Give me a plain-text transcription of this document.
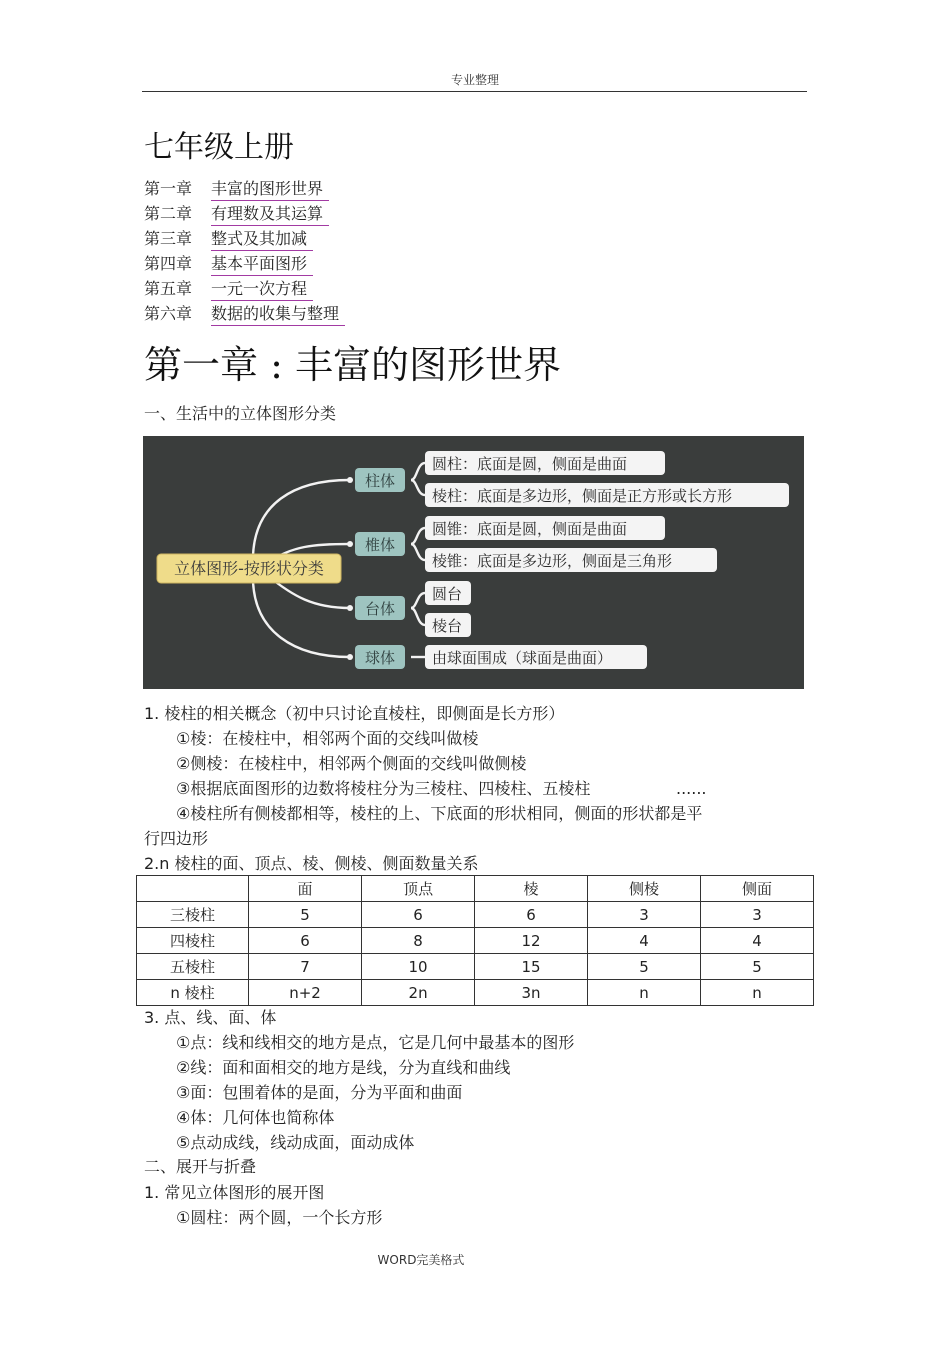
专业整理
七年级上册
第一章 丰富的图形世界
第二章 有理数及其运算
第三章 整式及其加减
第四章 基本平面图形
第五章 一元一次方程
第六章 数据的收集与整理
第一章 : 丰富的图形世界
一、生活中的立体图形分类
立体图形-按形状分类
柱体
椎体
台体
球体
圆柱：底面是圆，侧面是曲面
棱柱：底面是多边形，侧面是正方形或长方形
圆锥：底面是圆，侧面是曲面
棱锥：底面是多边形，侧面是三角形
圆台
棱台
由球面围成（球面是曲面）
1. 棱柱的相关概念（初中只讨论直棱柱，即侧面是长方形）
①棱：在棱柱中，相邻两个面的交线叫做棱
②侧棱：在棱柱中，相邻两个侧面的交线叫做侧棱
③根据底面图形的边数将棱柱分为三棱柱、四棱柱、五棱柱	......
④棱柱所有侧棱都相等，棱柱的上、下底面的形状相同，侧面的形状都是平
行四边形
2.n 棱柱的面、顶点、棱、侧棱、侧面数量关系
	面	顶点	棱	侧棱	侧面
三棱柱	5	6	6	3	3
四棱柱	6	8	12	4	4
五棱柱	7	10	15	5	5
n 棱柱	n+2	2n	3n	n	n
3. 点、线、面、体
①点：线和线相交的地方是点，它是几何中最基本的图形
②线：面和面相交的地方是线，分为直线和曲线
③面：包围着体的是面，分为平面和曲面
④体：几何体也简称体
⑤点动成线，线动成面，面动成体
二、展开与折叠
1. 常见立体图形的展开图
①圆柱：两个圆，一个长方形
WORD完美格式
